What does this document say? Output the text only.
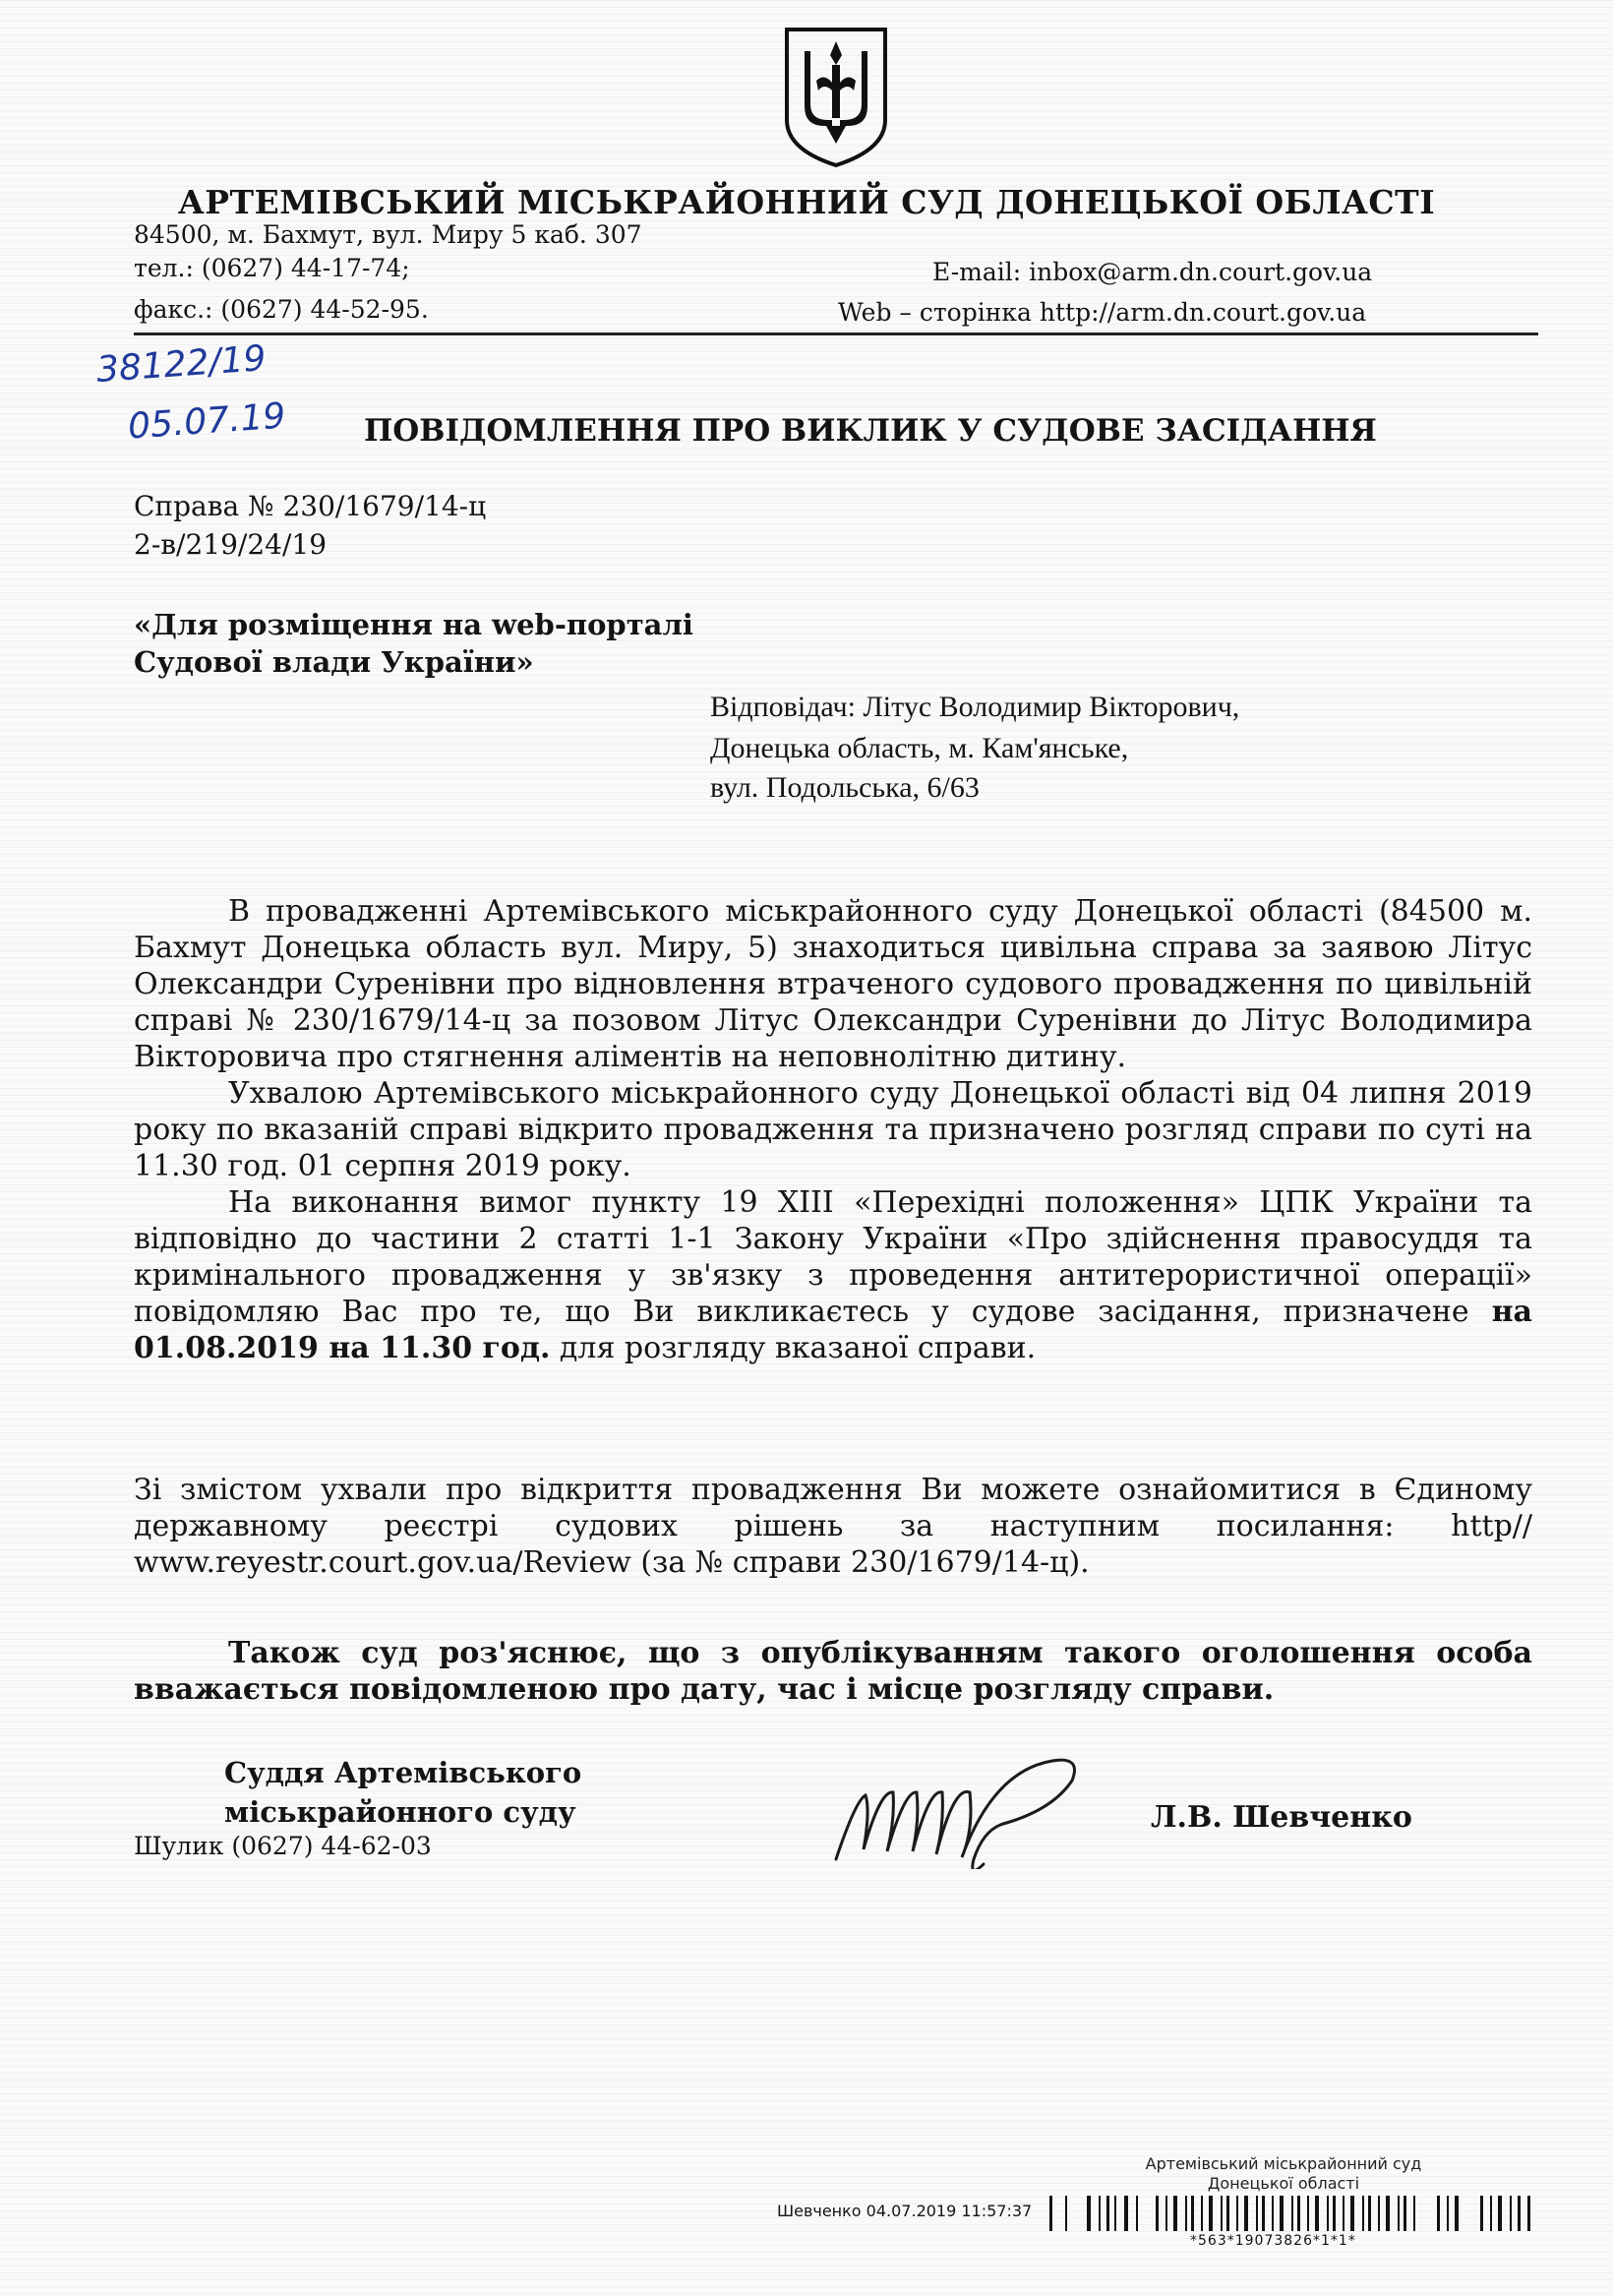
АРТЕМІВСЬКИЙ МІСЬКРАЙОННИЙ СУД ДОНЕЦЬКОЇ ОБЛАСТІ
84500, м. Бахмут, вул. Миру 5 каб. 307
тел.: (0627) 44-17-74;
факс.: (0627) 44-52-95.
E-mail: inbox@arm.dn.court.gov.ua
Web – сторінка http://arm.dn.court.gov.ua
38122/19
05.07.19	ПОВІДОМЛЕННЯ ПРО ВИКЛИК У СУДОВЕ ЗАСІДАННЯ
Справа № 230/1679/14-ц
2-в/219/24/19
«Для розміщення на web-порталі
Судової влади України»
Відповідач: Літус Володимир Вікторович,
Донецька область, м. Кам'янське,
вул. Подольська, 6/63

В провадженні Артемівського міськрайонного суду Донецької області (84500 м. Бахмут Донецька область вул. Миру, 5) знаходиться цивільна справа за заявою Літус Олександри Суренівни про відновлення втраченого судового провадження по цивільній справі № 230/1679/14-ц за позовом Літус Олександри Суренівни до Літус Володимира Вікторовича про стягнення аліментів на неповнолітню дитину.

Ухвалою Артемівського міськрайонного суду Донецької області від 04 липня 2019 року по вказаній справі відкрито провадження та призначено розгляд справи по суті на 11.30 год. 01 серпня 2019 року.

На виконання вимог пункту 19 XIII «Перехідні положення» ЦПК України та відповідно до частини 2 статті 1-1 Закону України «Про здійснення правосуддя та кримінального провадження у зв'язку з проведення антитерористичної операції» повідомляю Вас про те, що Ви викликаєтесь у судове засідання, призначене на 01.08.2019 на 11.30 год. для розгляду вказаної справи.

Зі змістом ухвали про відкриття провадження Ви можете ознайомитися в Єдиному державному реєстрі судових рішень за наступним посилання: http// www.reyestr.court.gov.ua/Review (за № справи 230/1679/14-ц).

Також суд роз'яснює, що з опублікуванням такого оголошення особа вважається повідомленою про дату, час і місце розгляду справи.

Суддя Артемівського
міськрайонного суду
Шулик (0627) 44-62-03
Л.В. Шевченко
Артемівський міськрайонний суд
Донецької області
Шевченко 04.07.2019 11:57:37
*563*19073826*1*1*
